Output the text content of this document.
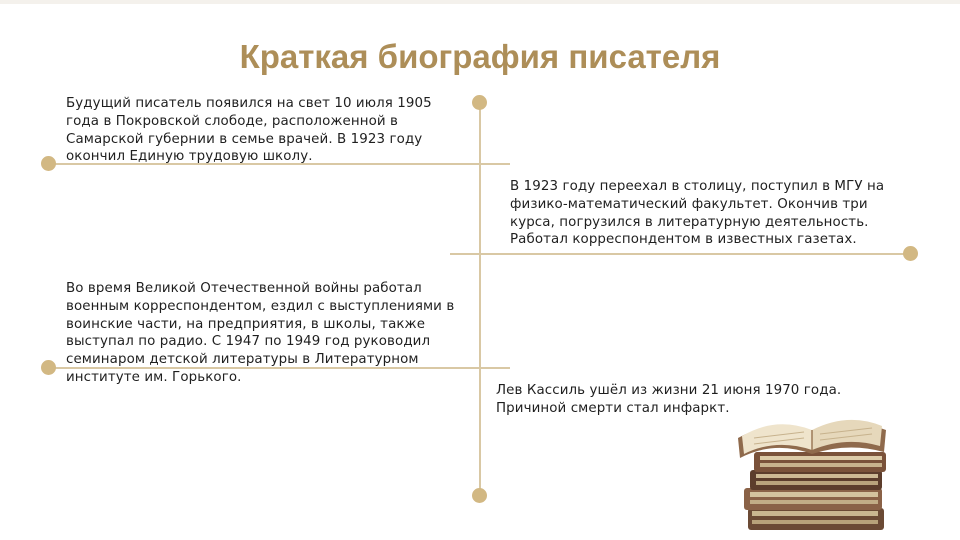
Краткая биография писателя
Будущий писатель появился на свет 10 июля 1905 года в Покровской слободе, расположенной в Самарской губернии в семье врачей. В 1923 году окончил Единую трудовую школу.
В 1923 году переехал в столицу, поступил в МГУ на физико-математический факультет. Окончив три курса, погрузился в литературную деятельность. Работал корреспондентом в известных газетах.
Во время Великой Отечественной войны работал военным корреспондентом, ездил с выступлениями в воинские части, на предприятия, в школы, также выступал по радио. С 1947 по 1949 год руководил семинаром детской литературы в Литературном институте им. Горького.
Лев Кассиль ушёл из жизни 21 июня 1970 года. Причиной смерти стал инфаркт.
